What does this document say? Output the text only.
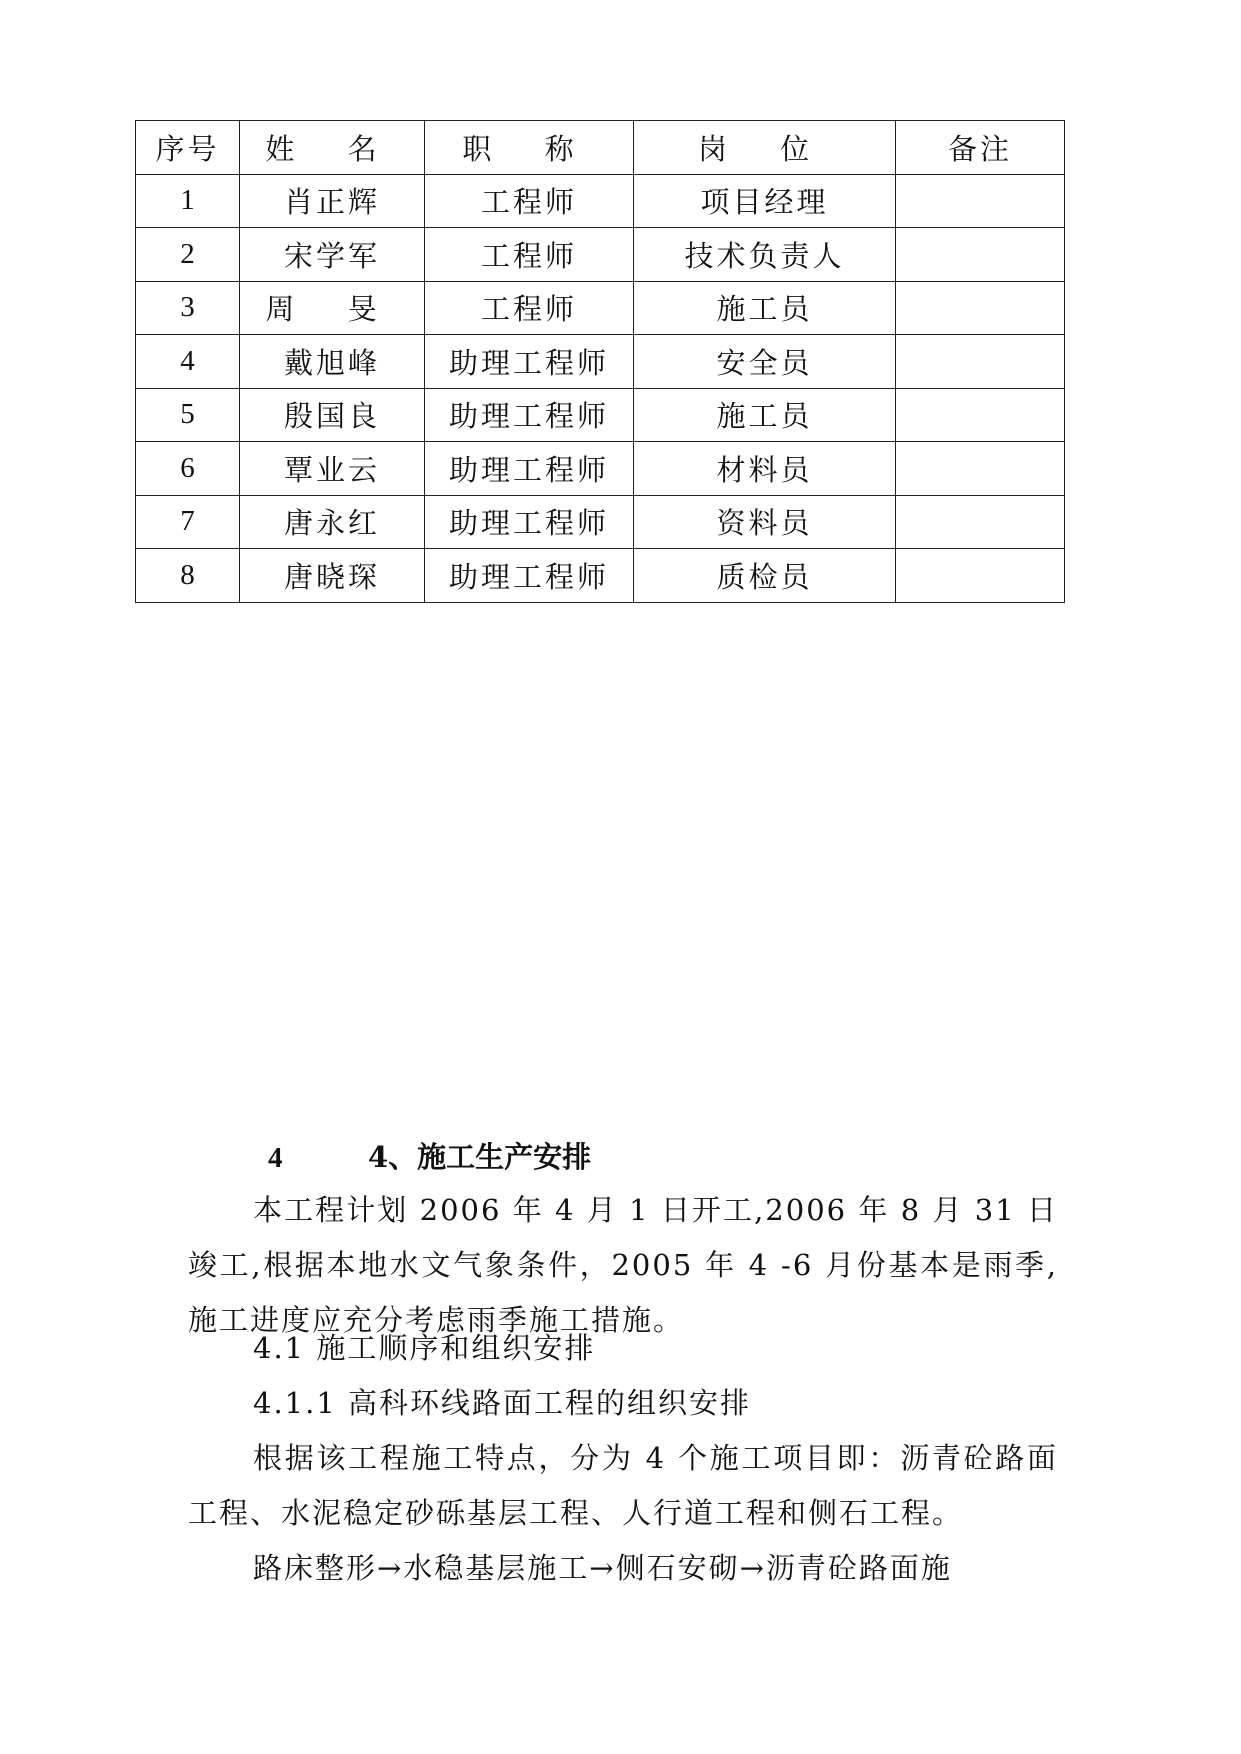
序号	姓 名	职 称	岗 位	备注
1	肖正辉	工程师	项目经理	
2	宋学军	工程师	技术负责人	
3	周 旻	工程师	施工员	
4	戴旭峰	助理工程师	安全员	
5	殷国良	助理工程师	施工员	
6	覃业云	助理工程师	材料员	
7	唐永红	助理工程师	资料员	
8	唐晓琛	助理工程师	质检员	
4	4、施工生产安排
本工程计划 2006 年 4 月 1 日开工,2006 年 8 月 31 日竣工,根据本地水文气象条件，2005 年 4 -6 月份基本是雨季,施工进度应充分考虑雨季施工措施。
4.1 施工顺序和组织安排
4.1.1 高科环线路面工程的组织安排
根据该工程施工特点，分为 4 个施工项目即：沥青砼路面工程、水泥稳定砂砾基层工程、人行道工程和侧石工程。
路床整形→水稳基层施工→侧石安砌→沥青砼路面施
